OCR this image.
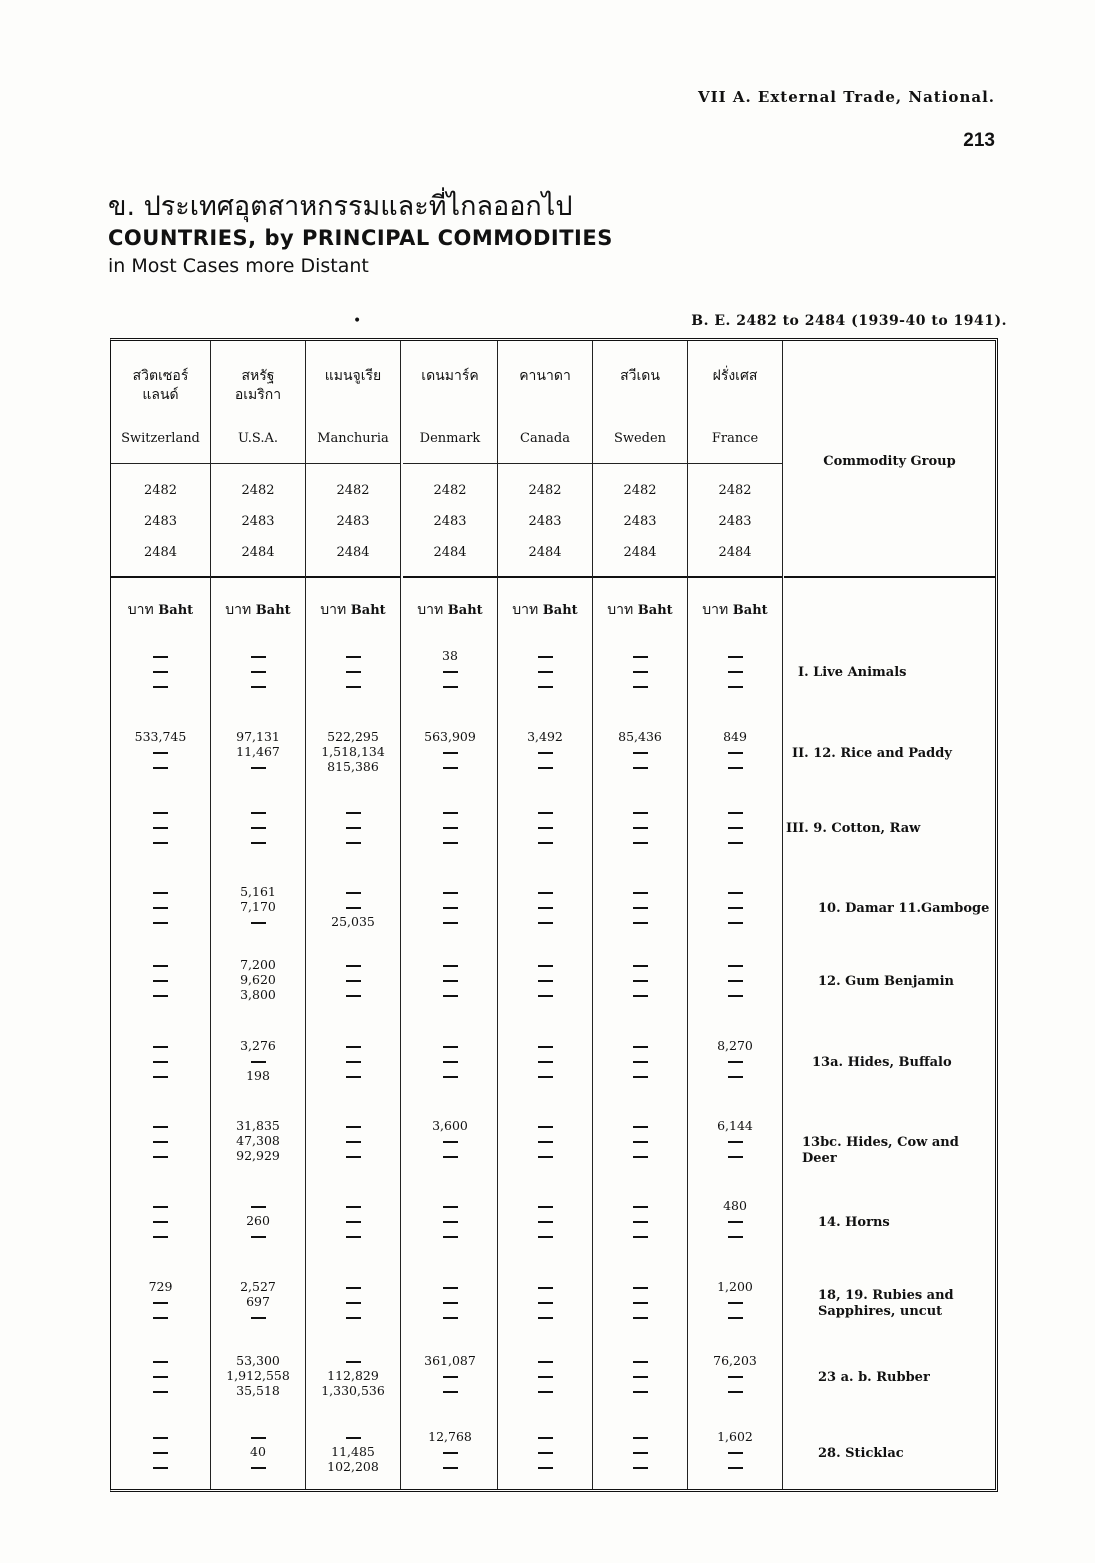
VII A. External Trade, National.
213
ข. ประเทศอุตสาหกรรมและที่ไกลออกไป
COUNTRIES, by PRINCIPAL COMMODITIES
in Most Cases more Distant
•	B. E. 2482 to 2484 (1939-40 to 1941).
สวิตเซอร์
แลนด์
Switzerland
2482
2483
2484
บาท Baht
533,745
729
สหรัฐ
อเมริกา
U.S.A.
2482
2483
2484
บาท Baht
97,131
11,467
5,161
7,170
7,200
9,620
3,800
3,276
198
31,835
47,308
92,929
260
2,527
697
53,300
1,912,558
35,518
40
แมนจูเรีย
Manchuria
2482
2483
2484
บาท Baht
522,295
1,518,134
815,386
25,035
112,829
1,330,536
11,485
102,208
เดนมาร์ค
Denmark
2482
2483
2484
บาท Baht
38
563,909
3,600
361,087
12,768
คานาดา
Canada
2482
2483
2484
บาท Baht
3,492
สวีเดน
Sweden
2482
2483
2484
บาท Baht
85,436
ฝรั่งเศส
France
2482
2483
2484
บาท Baht
849
8,270
6,144
480
1,200
76,203
1,602
Commodity Group
I. Live Animals
II. 12. Rice and Paddy
III. 9. Cotton, Raw
10. Damar 11.Gamboge
12. Gum Benjamin
13a. Hides, Buffalo
13bc. Hides, Cow and Deer
14. Horns
18, 19. Rubies and
Sapphires, uncut
23 a. b. Rubber
28. Sticklac
